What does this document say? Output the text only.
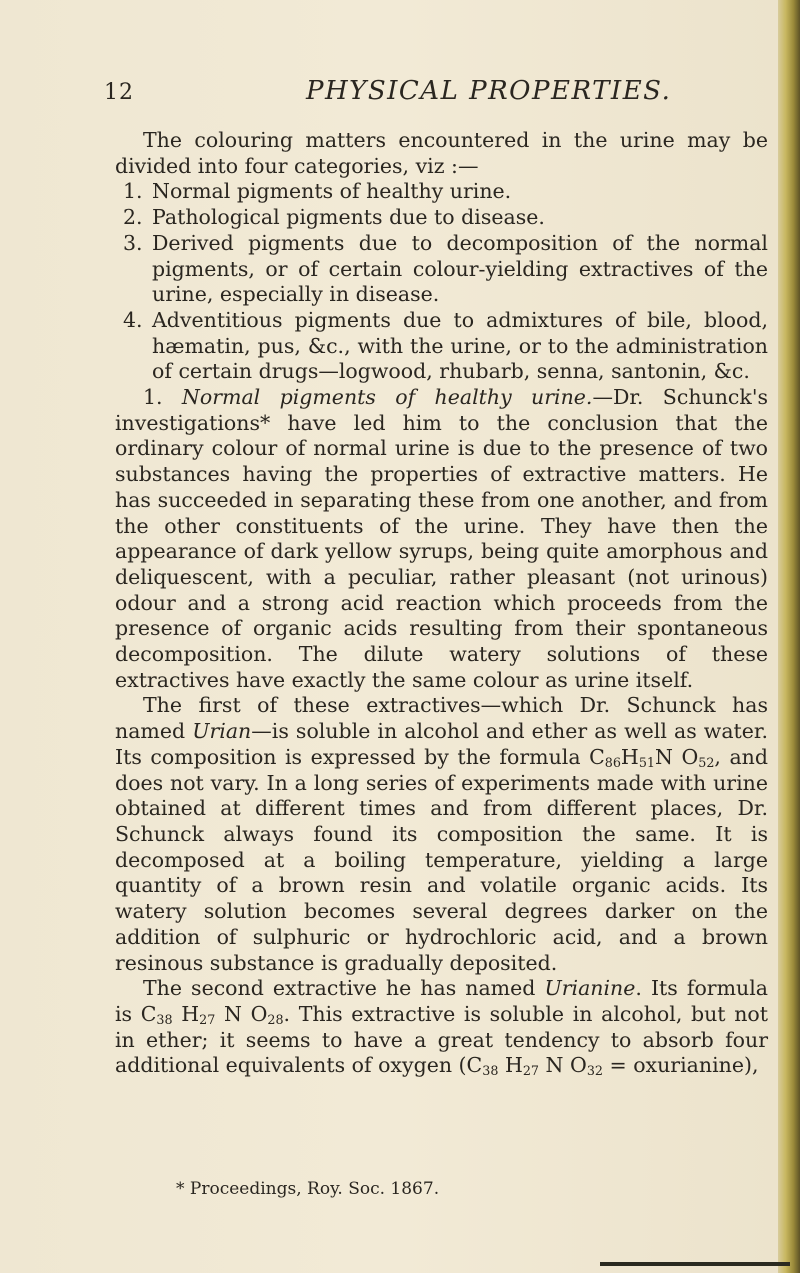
12	PHYSICAL PROPERTIES.

The colouring matters encountered in the urine may be divided into four categories, viz :—

1. Normal pigments of healthy urine.
2. Pathological pigments due to disease.
3. Derived pigments due to decomposition of the normal pigments, or of certain colour-yielding extractives of the urine, especially in disease.
4. Adventitious pigments due to admixtures of bile, blood, hæmatin, pus, &c., with the urine, or to the administration of certain drugs—logwood, rhubarb, senna, santonin, &c.

1. Normal pigments of healthy urine.—Dr. Schunck's investigations* have led him to the conclusion that the ordinary colour of normal urine is due to the presence of two substances having the properties of extractive matters. He has succeeded in separating these from one another, and from the other constituents of the urine. They have then the appearance of dark yellow syrups, being quite amorphous and deliquescent, with a peculiar, rather pleasant (not urinous) odour and a strong acid reaction which proceeds from the presence of organic acids resulting from their spontaneous decomposition. The dilute watery solutions of these extractives have exactly the same colour as urine itself.

The first of these extractives—which Dr. Schunck has named Urian—is soluble in alcohol and ether as well as water. Its composition is expressed by the formula $C_{86}H_{51}N$ $O_{52}$, and does not vary. In a long series of experiments made with urine obtained at different times and from different places, Dr. Schunck always found its composition the same. It is decomposed at a boiling temperature, yielding a large quantity of a brown resin and volatile organic acids. Its watery solution becomes several degrees darker on the addition of sulphuric or hydrochloric acid, and a brown resinous substance is gradually deposited.

The second extractive he has named Urianine. Its formula is $C_{38}$ $H_{27}$ N $O_{28}$. This extractive is soluble in alcohol, but not in ether; it seems to have a great tendency to absorb four additional equivalents of oxygen ($C_{38}$ $H_{27}$ N $O_{32}$ = oxurianine),

* Proceedings, Roy. Soc. 1867.
